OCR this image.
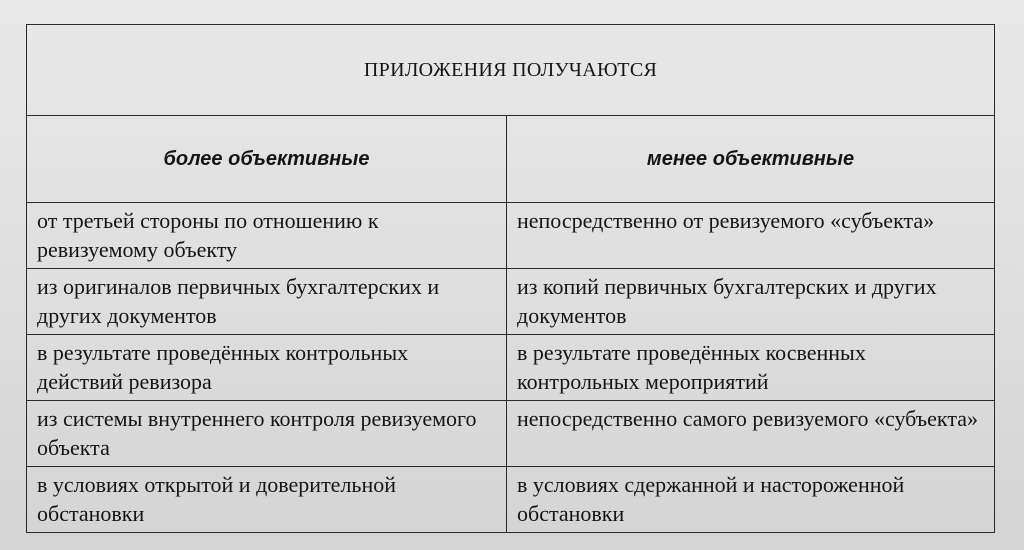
ПРИЛОЖЕНИЯ ПОЛУЧАЮТСЯ	
более объективные	менее объективные
от третьей стороны по отношению к ревизуемому объекту	непосредственно от ревизуемого «субъекта»
из оригиналов первичных бухгалтерских и других документов	из копий первичных бухгалтерских и других документов
в результате проведённых контрольных действий ревизора	в результате проведённых косвенных контрольных мероприятий
из системы внутреннего контроля ревизуемого объекта	непосредственно самого ревизуемого «субъекта»
в условиях открытой и доверительной обстановки	в условиях сдержанной и настороженной обстановки
